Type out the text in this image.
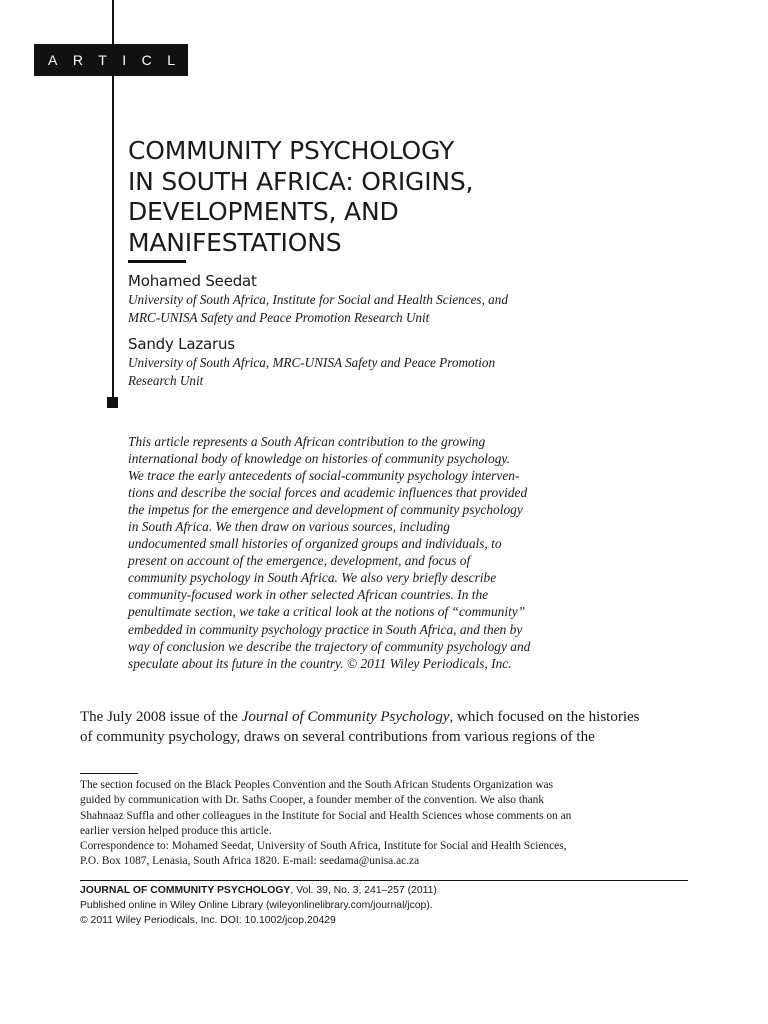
ARTICLE
COMMUNITY PSYCHOLOGY
IN SOUTH AFRICA: ORIGINS,
DEVELOPMENTS, AND
MANIFESTATIONS
Mohamed Seedat
University of South Africa, Institute for Social and Health Sciences, and
MRC-UNISA Safety and Peace Promotion Research Unit
Sandy Lazarus
University of South Africa, MRC-UNISA Safety and Peace Promotion
Research Unit
This article represents a South African contribution to the growing
international body of knowledge on histories of community psychology.
We trace the early antecedents of social-community psychology interven-
tions and describe the social forces and academic influences that provided
the impetus for the emergence and development of community psychology
in South Africa. We then draw on various sources, including
undocumented small histories of organized groups and individuals, to
present on account of the emergence, development, and focus of
community psychology in South Africa. We also very briefly describe
community-focused work in other selected African countries. In the
penultimate section, we take a critical look at the notions of “community”
embedded in community psychology practice in South Africa, and then by
way of conclusion we describe the trajectory of community psychology and
speculate about its future in the country. © 2011 Wiley Periodicals, Inc.
The July 2008 issue of the Journal of Community Psychology, which focused on the histories
of community psychology, draws on several contributions from various regions of the
The section focused on the Black Peoples Convention and the South African Students Organization was
guided by communication with Dr. Saths Cooper, a founder member of the convention. We also thank
Shahnaaz Suffla and other colleagues in the Institute for Social and Health Sciences whose comments on an
earlier version helped produce this article.
Correspondence to: Mohamed Seedat, University of South Africa, Institute for Social and Health Sciences,
P.O. Box 1087, Lenasia, South Africa 1820. E-mail: seedama@unisa.ac.za
JOURNAL OF COMMUNITY PSYCHOLOGY, Vol. 39, No. 3, 241–257 (2011)
Published online in Wiley Online Library (wileyonlinelibrary.com/journal/jcop).
© 2011 Wiley Periodicals, Inc. DOI: 10.1002/jcop.20429
